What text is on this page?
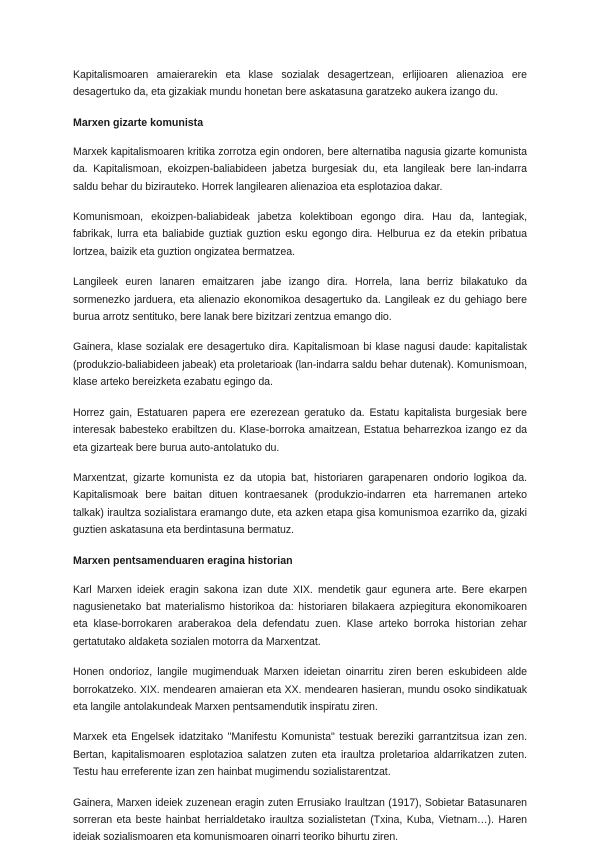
Kapitalismoaren amaierarekin eta klase sozialak desagertzean, erlijioaren alienazioa ere desagertuko da, eta gizakiak mundu honetan bere askatasuna garatzeko aukera izango du.

Marxen gizarte komunista

Marxek kapitalismoaren kritika zorrotza egin ondoren, bere alternatiba nagusia gizarte komunista da. Kapitalismoan, ekoizpen-baliabideen jabetza burgesiak du, eta langileak bere lan-indarra saldu behar du bizirauteko. Horrek langilearen alienazioa eta esplotazioa dakar.

Komunismoan, ekoizpen-baliabideak jabetza kolektiboan egongo dira. Hau da, lantegiak, fabrikak, lurra eta baliabide guztiak guztion esku egongo dira. Helburua ez da etekin pribatua lortzea, baizik eta guztion ongizatea bermatzea.

Langileek euren lanaren emaitzaren jabe izango dira. Horrela, lana berriz bilakatuko da sormenezko jarduera, eta alienazio ekonomikoa desagertuko da. Langileak ez du gehiago bere burua arrotz sentituko, bere lanak bere bizitzari zentzua emango dio.

Gainera, klase sozialak ere desagertuko dira. Kapitalismoan bi klase nagusi daude: kapitalistak (produkzio-baliabideen jabeak) eta proletarioak (lan-indarra saldu behar dutenak). Komunismoan, klase arteko bereizketa ezabatu egingo da.

Horrez gain, Estatuaren papera ere ezerezean geratuko da. Estatu kapitalista burgesiak bere interesak babesteko erabiltzen du. Klase-borroka amaitzean, Estatua beharrezkoa izango ez da eta gizarteak bere burua auto-antolatuko du.

Marxentzat, gizarte komunista ez da utopia bat, historiaren garapenaren ondorio logikoa da. Kapitalismoak bere baitan dituen kontraesanek (produkzio-indarren eta harremanen arteko talkak) iraultza sozialistara eramango dute, eta azken etapa gisa komunismoa ezarriko da, gizaki guztien askatasuna eta berdintasuna bermatuz.

Marxen pentsamenduaren eragina historian

Karl Marxen ideiek eragin sakona izan dute XIX. mendetik gaur egunera arte. Bere ekarpen nagusienetako bat materialismo historikoa da: historiaren bilakaera azpiegitura ekonomikoaren eta klase-borrokaren araberakoa dela defendatu zuen. Klase arteko borroka historian zehar gertatutako aldaketa sozialen motorra da Marxentzat.

Honen ondorioz, langile mugimenduak Marxen ideietan oinarritu ziren beren eskubideen alde borrokatzeko. XIX. mendearen amaieran eta XX. mendearen hasieran, mundu osoko sindikatuak eta langile antolakundeak Marxen pentsamendutik inspiratu ziren.

Marxek eta Engelsek idatzitako "Manifestu Komunista" testuak bereziki garrantzitsua izan zen. Bertan, kapitalismoaren esplotazioa salatzen zuten eta iraultza proletarioa aldarrikatzen zuten. Testu hau erreferente izan zen hainbat mugimendu sozialistarentzat.

Gainera, Marxen ideiek zuzenean eragin zuten Errusiako Iraultzan (1917), Sobietar Batasunaren sorreran eta beste hainbat herrialdetako iraultza sozialistetan (Txina, Kuba, Vietnam…). Haren ideiak sozialismoaren eta komunismoaren oinarri teoriko bihurtu ziren.
